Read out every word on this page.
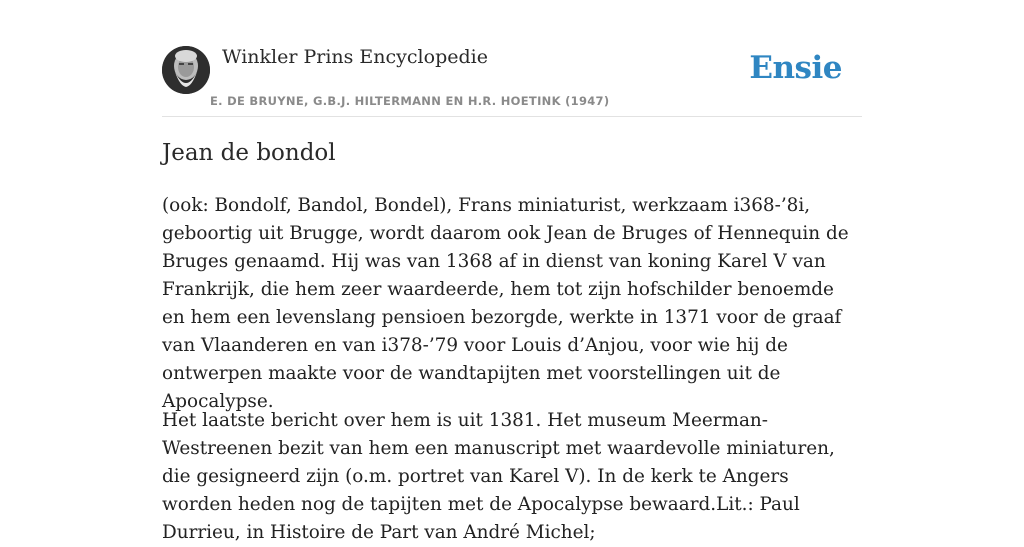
Winkler Prins Encyclopedie
E. DE BRUYNE, G.B.J. HILTERMANN EN H.R. HOETINK (1947)
Ensie
Jean de bondol

(ook: Bondolf, Bandol, Bondel), Frans miniaturist, werkzaam i368-’8i, geboortig uit Brugge, wordt daarom ook Jean de Bruges of Hennequin de Bruges genaamd. Hij was van 1368 af in dienst van koning Karel V van Frankrijk, die hem zeer waardeerde, hem tot zijn hofschilder benoemde en hem een levenslang pensioen bezorgde, werkte in 1371 voor de graaf van Vlaanderen en van i378-’79 voor Louis d’Anjou, voor wie hij de ontwerpen maakte voor de wandtapijten met voorstellingen uit de Apocalypse.

Het laatste bericht over hem is uit 1381. Het museum Meerman-Westreenen bezit van hem een manuscript met waardevolle miniaturen, die gesigneerd zijn (o.m. portret van Karel V). In de kerk te Angers worden heden nog de tapijten met de Apocalypse bewaard.Lit.: Paul Durrieu, in Histoire de Part van André Michel;
